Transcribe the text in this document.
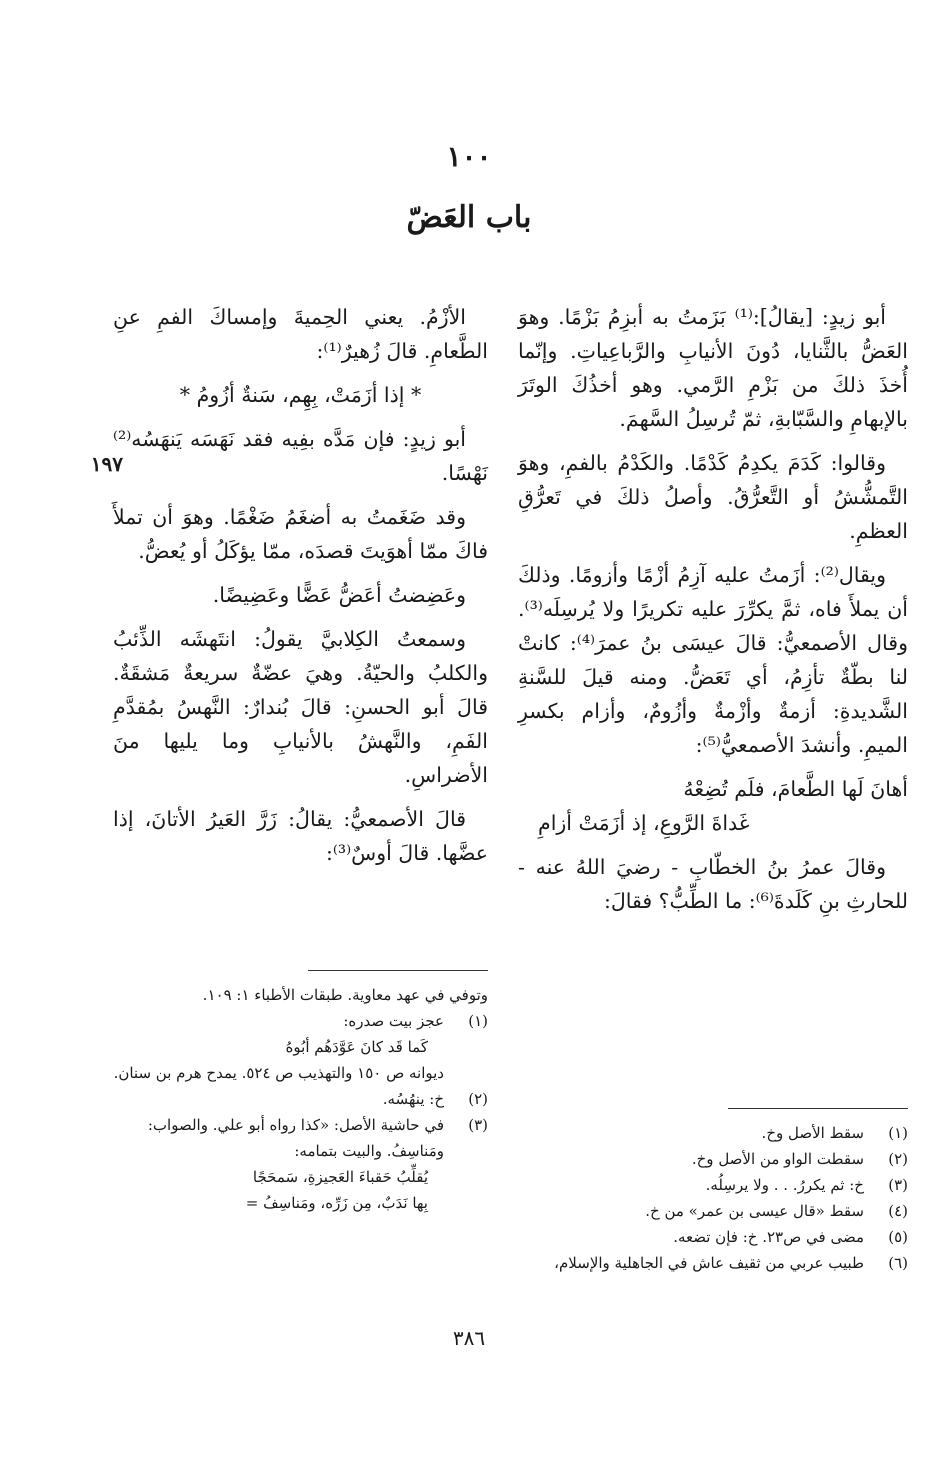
١٠٠
باب العَضّ

أبو زيدٍ: [يقالُ]:⁽¹⁾ بَزَمتُ به أبزِمُ بَزْمًا. وهوَ العَضُّ بالثَّنايا، دُونَ الأنيابِ والرَّباعِياتِ. وإنّما أُخذَ ذلكَ من بَزْمِ الرَّمي. وهو أخذُكَ الوتَرَ بالإبهامِ والسَّبّابةِ، ثمّ تُرسِلُ السَّهمَ.

وقالوا: كَدَمَ يكدِمُ كَدْمًا. والكَدْمُ بالفمِ، وهوَ التَّمشُّشُ أو التَّعرُّقُ. وأصلُ ذلكَ في تَعرُّقِ العظمِ.

ويقال⁽²⁾: أزَمتُ عليه آزِمُ أزْمًا وأزومًا. وذلكَ أن يملأَ فاه، ثمَّ يكرِّرَ عليه تكريرًا ولا يُرسِلَه⁽³⁾. وقال الأصمعيُّ: قالَ عيسَى بنُ عمرَ⁽⁴⁾: كانتْ لنا بطّةٌ تأزِمُ، أي تَعَضُّ. ومنه قيلَ للسَّنةِ الشَّديدةِ: أزمةٌ وأزْمةٌ وأزُومٌ، وأزام بكسرِ الميمِ. وأنشدَ الأصمعيُّ⁽⁵⁾:

أهانَ لَها الطَّعامَ، فلَم تُضِعْهُ
غَداةَ الرَّوعِ، إذ أزَمَتْ أزامِ

وقالَ عمرُ بنُ الخطّابِ - رضيَ اللهُ عنه - للحارثِ بنِ كَلَدةَ⁽⁶⁾: ما الطِّبُّ؟ فقالَ:

الأزْمُ. يعني الحِميةَ وإمساكَ الفمِ عنِ الطَّعامِ. قالَ زُهيرٌ⁽¹⁾:

* إذا أزَمَتْ، بِهِم، سَنةٌ أزُومُ *

أبو زيدٍ: فإن مَدَّه بفِيه فقد نَهَسَه يَنهَسُه⁽²⁾ نَهْسًا.

وقد ضَغَمتُ به أضغَمُ ضَغْمًا. وهوَ أن تملأَ فاكَ ممّا أهوَيتَ قصدَه، ممّا يؤكَلُ أو يُعضُّ.

وعَضِضتُ أعَضُّ عَضًّا وعَضِيضًا.

وسمعتُ الكِلابيَّ يقولُ: انتَهشَه الذِّئبُ والكلبُ والحيّةُ. وهيَ عضّةٌ سريعةٌ مَشقَةٌ. قالَ أبو الحسنِ: قالَ بُندارٌ: النَّهسُ بمُقدَّمِ الفَمِ، والنَّهشُ بالأنيابِ وما يليها منَ الأضراسِ.

قالَ الأصمعيُّ: يقالُ: زَرَّ العَيرُ الأتانَ، إذا عضَّها. قالَ أوسٌ⁽³⁾:

١٩٧
(١)
سقط الأصل وخ.
(٢)
سقطت الواو من الأصل وخ.
(٣)
خ: ثم يكررُ. . . ولا يرسِلُه.
(٤)
سقط «قال عيسى بن عمر» من خ.
(٥)
مضى في ص٢٣. خ: فإن تضعه.
(٦)
طبيب عربي من ثقيف عاش في الجاهلية والإسلام،
وتوفي في عهد معاوية. طبقات الأطباء ١: ١٠٩.
(١)
عجز بيت صدره:
كَما قَد كانَ عَوَّدَهُم أبُوهُ
ديوانه ص ١٥٠ والتهذيب ص ٥٢٤. يمدح هرم بن سنان.
(٢)
خ: ينهُسُه.
(٣)
في حاشية الأصل: «كذا رواه أبو علي. والصواب: ومَناسِفُ. والبيت بتمامه:
يُقلِّبُ حَقباءَ العَجيزةِ، سَمحَجًا
بِها نَدَبٌ، مِن زَرِّه، ومَناسِفُ =
٣٨٦
